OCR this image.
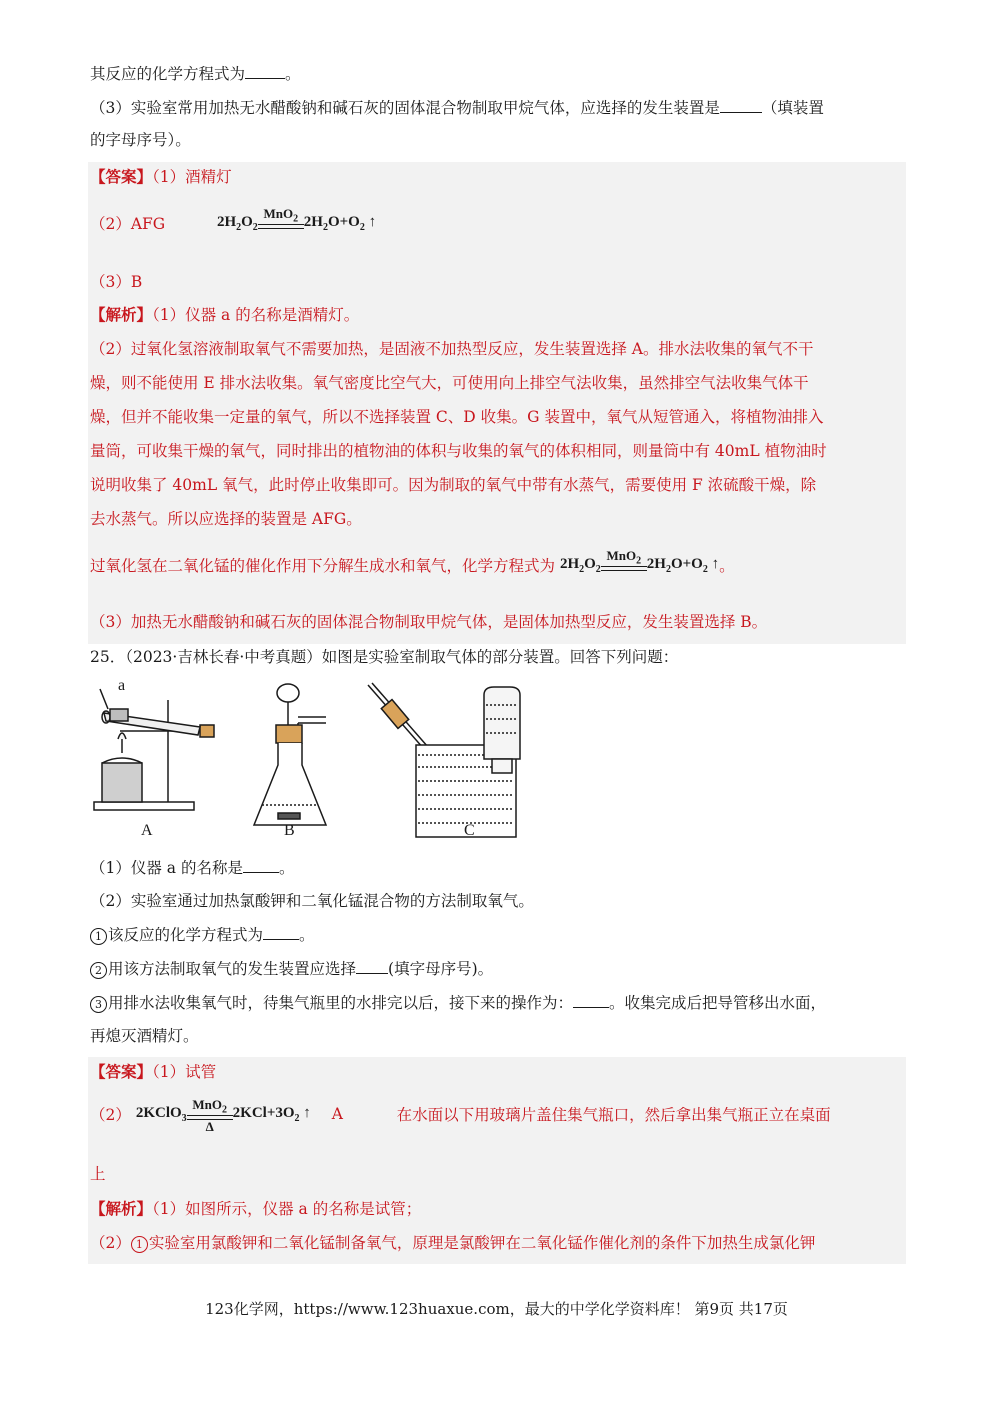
其反应的化学方程式为	。
（3）实验室常用加热无水醋酸钠和碱石灰的固体混合物制取甲烷气体，应选择的发生装置是	（填装置
的字母序号）。
【答案】（1）酒精灯
（2）AFG	$2H_2O_2$
MnO$_2$ $2H_2O+O_2$ ↑
（3）B
【解析】（1）仪器 a 的名称是酒精灯。
（2）过氧化氢溶液制取氧气不需要加热，是固液不加热型反应，发生装置选择 A。排水法收集的氧气不干
燥，则不能使用 E 排水法收集。氧气密度比空气大，可使用向上排空气法收集，虽然排空气法收集气体干
燥，但并不能收集一定量的氧气，所以不选择装置 C、D 收集。G 装置中，氧气从短管通入，将植物油排入
量筒，可收集干燥的氧气，同时排出的植物油的体积与收集的氧气的体积相同，则量筒中有 40mL 植物油时
说明收集了 40mL 氧气，此时停止收集即可。因为制取的氧气中带有水蒸气，需要使用 F 浓硫酸干燥，除
去水蒸气。所以应选择的装置是 AFG。
过氧化氢在二氧化锰的催化作用下分解生成水和氧气，化学方程式为 $2H_2O_2$
MnO$_2$ $2H_2O+O_2$ ↑。
（3）加热无水醋酸钠和碱石灰的固体混合物制取甲烷气体，是固体加热型反应，发生装置选择 B。
25．（2023·吉林长春·中考真题）如图是实验室制取气体的部分装置。回答下列问题：
a
A	B	C
（1）仪器 a 的名称是 。
（2）实验室通过加热氯酸钾和二氧化锰混合物的方法制取氧气。
1 该反应的化学方程式为 。
2 用该方法制取氧气的发生装置应选择 (填字母序号)。
3 用排水法收集氧气时，待集气瓶里的水排完以后，接下来的操作为： 。收集完成后把导管移出水面，
再熄灭酒精灯。
【答案】（1）试管
（2） 2KClO$_3$
MnO$_2$
Δ
$2KCl+3O_2$ ↑ A	在水面以下用玻璃片盖住集气瓶口，然后拿出集气瓶正立在桌面
上
【解析】（1）如图所示，仪器 a 的名称是试管；
（2） 1 实验室用氯酸钾和二氧化锰制备氧气，原理是氯酸钾在二氧化锰作催化剂的条件下加热生成氯化钾
123化学网，https://www.123huaxue.com，最大的中学化学资料库！ 第9页 共17页
